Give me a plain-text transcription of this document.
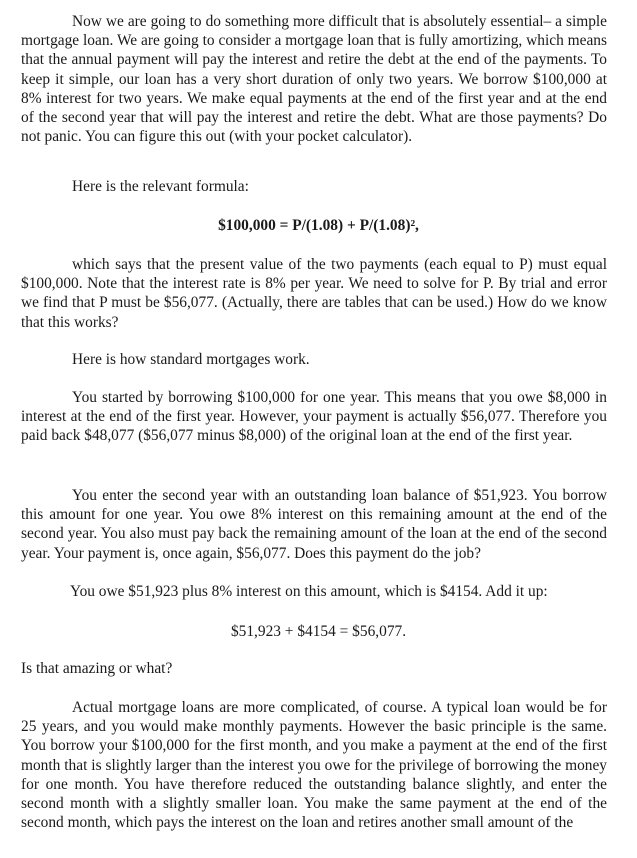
Now we are going to do something more difficult that is absolutely essential– a simple mortgage loan. We are going to consider a mortgage loan that is fully amortizing, which means that the annual payment will pay the interest and retire the debt at the end of the payments. To keep it simple, our loan has a very short duration of only two years. We borrow $100,000 at 8% interest for two years. We make equal payments at the end of the first year and at the end of the second year that will pay the interest and retire the debt. What are those payments? Do not panic. You can figure this out (with your pocket calculator).

Here is the relevant formula:

$100,000 = P/(1.08) + P/(1.08)²,

which says that the present value of the two payments (each equal to P) must equal $100,000. Note that the interest rate is 8% per year. We need to solve for P. By trial and error we find that P must be $56,077. (Actually, there are tables that can be used.) How do we know that this works?

Here is how standard mortgages work.

You started by borrowing $100,000 for one year. This means that you owe $8,000 in interest at the end of the first year. However, your payment is actually $56,077. Therefore you paid back $48,077 ($56,077 minus $8,000) of the original loan at the end of the first year.

You enter the second year with an outstanding loan balance of $51,923. You borrow this amount for one year. You owe 8% interest on this remaining amount at the end of the second year. You also must pay back the remaining amount of the loan at the end of the second year. Your payment is, once again, $56,077. Does this payment do the job?

You owe $51,923 plus 8% interest on this amount, which is $4154. Add it up:

$51,923 + $4154 = $56,077.

Is that amazing or what?

Actual mortgage loans are more complicated, of course. A typical loan would be for 25 years, and you would make monthly payments. However the basic principle is the same. You borrow your $100,000 for the first month, and you make a payment at the end of the first month that is slightly larger than the interest you owe for the privilege of borrowing the money for one month. You have therefore reduced the outstanding balance slightly, and enter the second month with a slightly smaller loan. You make the same payment at the end of the second month, which pays the interest on the loan and retires another small amount of the
